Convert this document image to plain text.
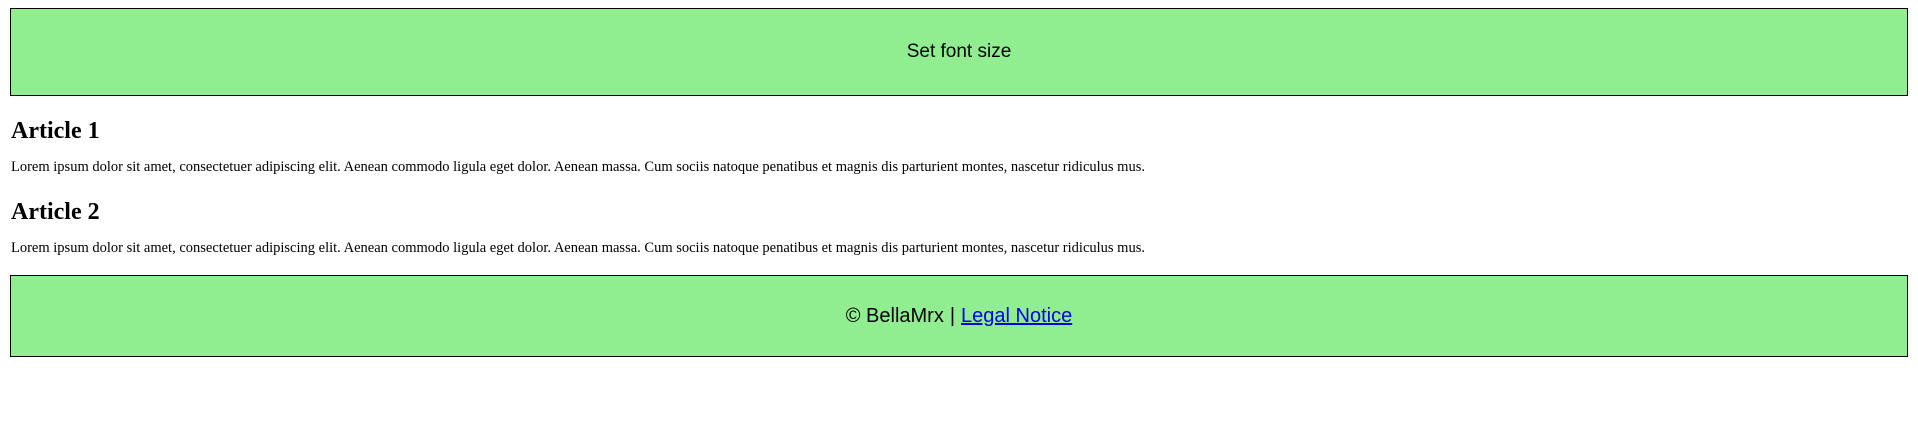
Set font size
Article 1

Lorem ipsum dolor sit amet, consectetuer adipiscing elit. Aenean commodo ligula eget dolor. Aenean massa. Cum sociis natoque penatibus et magnis dis parturient montes, nascetur ridiculus mus.

Article 2

Lorem ipsum dolor sit amet, consectetuer adipiscing elit. Aenean commodo ligula eget dolor. Aenean massa. Cum sociis natoque penatibus et magnis dis parturient montes, nascetur ridiculus mus.

© BellaMrx | Legal Notice
